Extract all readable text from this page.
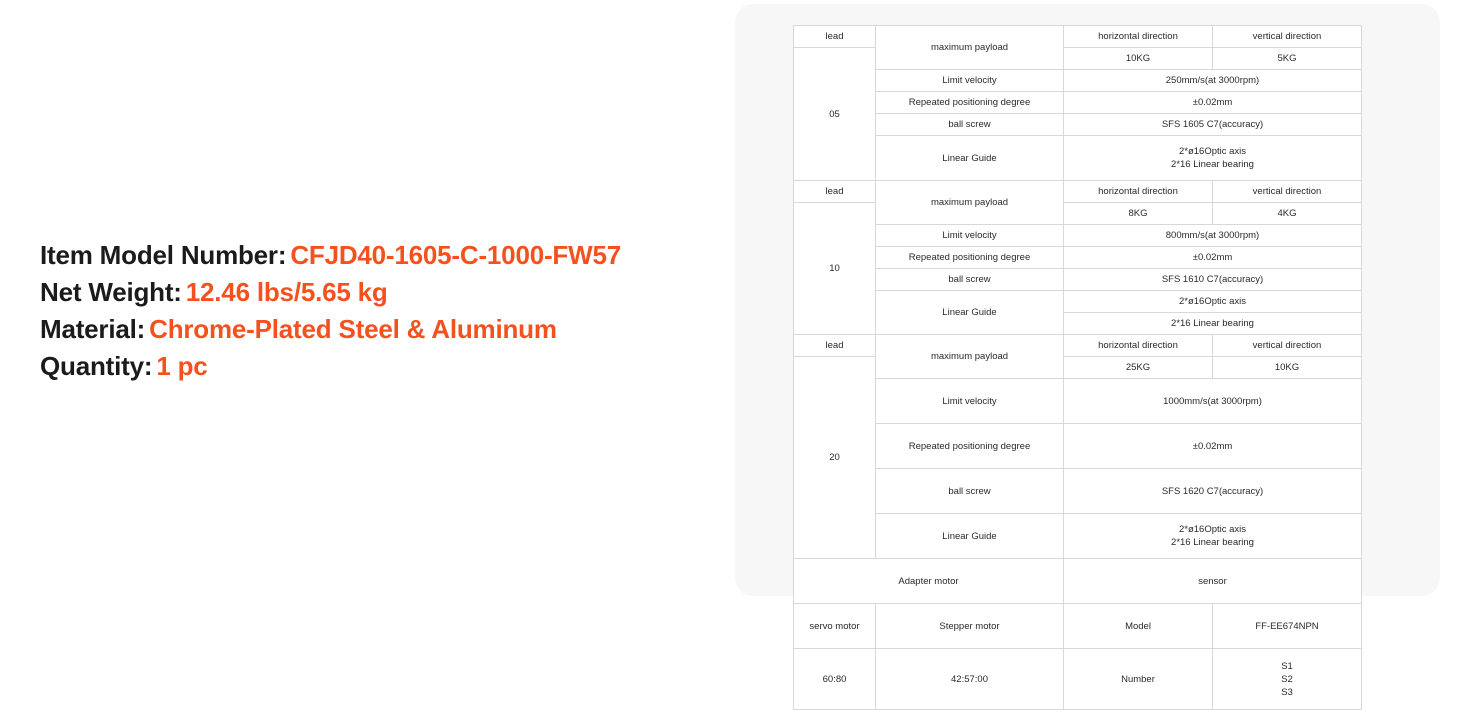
Item Model Number: CFJD40-1605-C-1000-FW57
Net Weight: 12.46 lbs/5.65 kg
Material: Chrome-Plated Steel & Aluminum
Quantity: 1 pc
lead	maximum payload	horizontal direction	vertical direction
05		10KG	5KG
	Limit velocity	250mm/s(at 3000rpm)	
	Repeated positioning degree	±0.02mm	
	ball screw	SFS 1605 C7(accuracy)	
	Linear Guide	2*ø16Optic axis
2*16 Linear bearing	

lead	maximum payload	horizontal direction	vertical direction
10		8KG	4KG
	Limit velocity	800mm/s(at 3000rpm)	
	Repeated positioning degree	±0.02mm	
	ball screw	SFS 1610 C7(accuracy)	
	Linear Guide	2*ø16Optic axis	
		2*16 Linear bearing	
lead	maximum payload	horizontal direction	vertical direction
20		25KG	10KG
	Limit velocity	1000mm/s(at 3000rpm)	
	Repeated positioning degree	±0.02mm	
	ball screw	SFS 1620 C7(accuracy)	
	Linear Guide	2*ø16Optic axis
2*16 Linear bearing	

Adapter motor		sensor	
servo motor	Stepper motor	Model	FF-EE674NPN
60:80	42:57:00	Number	S1
S2
S3
